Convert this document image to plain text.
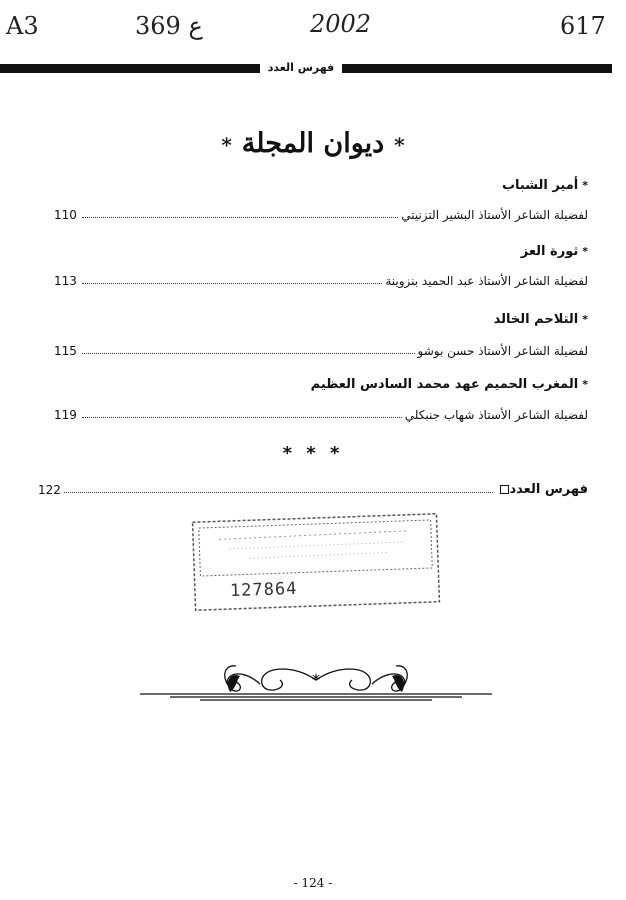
A3	369 ع	2002	617
فهرس العدد
*ديوان المجلة*
*أمير الشباب
110	لفضيلة الشاعر الأستاذ البشير التزنيتي
*ثورة العز
113	لفضيلة الشاعر الأستاذ عبد الحميد بنزوينة
*التلاحم الخالد
115	لفضيلة الشاعر الأستاذ حسن بوشو
*المغرب الحميم عهد محمد السادس العظيم
119	لفضيلة الشاعر الأستاذ شهاب جنبكلي
* * *
122	فهرس العدد
127864
*
- 124 -
